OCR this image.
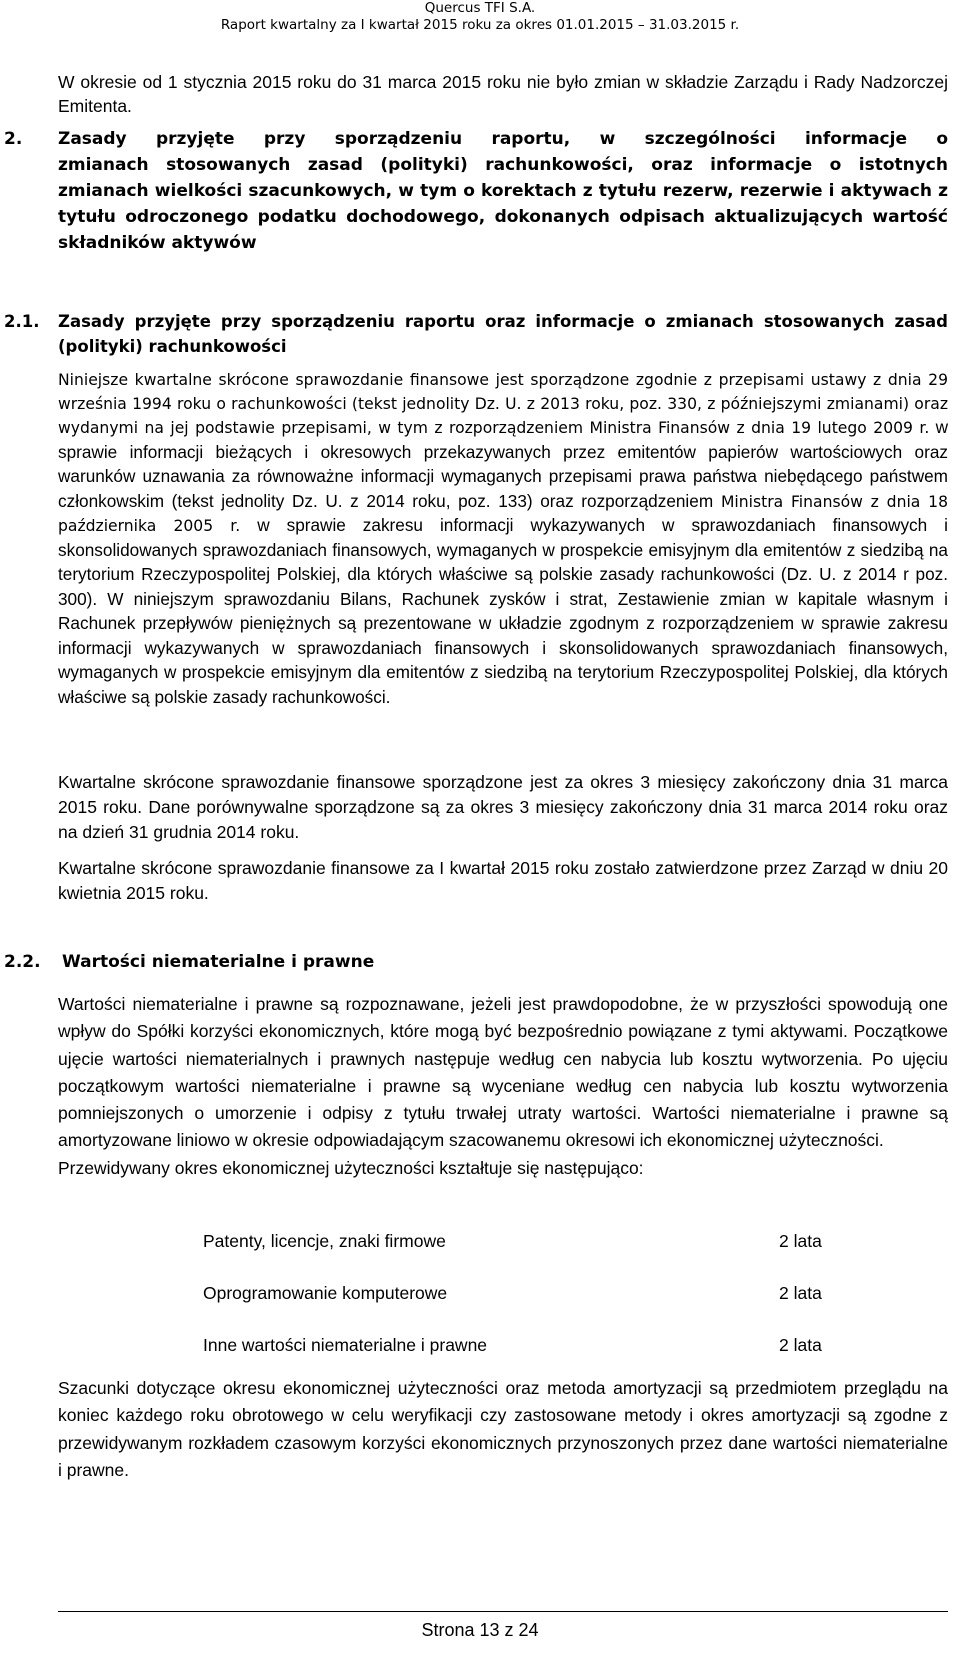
Quercus TFI S.A.
Raport kwartalny za I kwartał 2015 roku za okres 01.01.2015 – 31.03.2015 r.
W okresie od 1 stycznia 2015 roku do 31 marca 2015 roku nie było zmian w składzie Zarządu i Rady Nadzorczej Emitenta.
2. Zasady przyjęte przy sporządzeniu raportu, w szczególności informacje o
zmianach stosowanych zasad (polityki) rachunkowości, oraz informacje o istotnych zmianach wielkości szacunkowych, w tym o korektach z tytułu rezerw, rezerwie i aktywach z tytułu odroczonego podatku dochodowego, dokonanych odpisach aktualizujących wartość składników aktywów
2.1. Zasady przyjęte przy sporządzeniu raportu oraz informacje o zmianach stosowanych zasad (polityki) rachunkowości
Niniejsze kwartalne skrócone sprawozdanie finansowe jest sporządzone zgodnie z przepisami ustawy z dnia 29 września 1994 roku o rachunkowości (tekst jednolity Dz. U. z 2013 roku, poz. 330, z późniejszymi zmianami) oraz wydanymi na jej podstawie przepisami, w tym z rozporządzeniem Ministra Finansów z dnia 19 lutego 2009 r. w sprawie informacji bieżących i okresowych przekazywanych przez emitentów papierów wartościowych oraz warunków uznawania za równoważne informacji wymaganych przepisami prawa państwa niebędącego państwem członkowskim (tekst jednolity Dz. U. z 2014 roku, poz. 133) oraz rozporządzeniem Ministra Finansów z dnia 18 października 2005 r. w sprawie zakresu informacji wykazywanych w sprawozdaniach finansowych i skonsolidowanych sprawozdaniach finansowych, wymaganych w prospekcie emisyjnym dla emitentów z siedzibą na terytorium Rzeczypospolitej Polskiej, dla których właściwe są polskie zasady rachunkowości (Dz. U. z 2014 r poz. 300). W niniejszym sprawozdaniu Bilans, Rachunek zysków i strat, Zestawienie zmian w kapitale własnym i Rachunek przepływów pieniężnych są prezentowane w układzie zgodnym z rozporządzeniem w sprawie zakresu informacji wykazywanych w sprawozdaniach finansowych i skonsolidowanych sprawozdaniach finansowych, wymaganych w prospekcie emisyjnym dla emitentów z siedzibą na terytorium Rzeczypospolitej Polskiej, dla których właściwe są polskie zasady rachunkowości.
Kwartalne skrócone sprawozdanie finansowe sporządzone jest za okres 3 miesięcy zakończony dnia 31 marca 2015 roku. Dane porównywalne sporządzone są za okres 3 miesięcy zakończony dnia 31 marca 2014 roku oraz na dzień 31 grudnia 2014 roku.
Kwartalne skrócone sprawozdanie finansowe za I kwartał 2015 roku zostało zatwierdzone przez Zarząd w dniu 20 kwietnia 2015 roku.
2.2. Wartości niematerialne i prawne
Wartości niematerialne i prawne są rozpoznawane, jeżeli jest prawdopodobne, że w przyszłości spowodują one wpływ do Spółki korzyści ekonomicznych, które mogą być bezpośrednio powiązane z tymi aktywami. Początkowe ujęcie wartości niematerialnych i prawnych następuje według cen nabycia lub kosztu wytworzenia. Po ujęciu początkowym wartości niematerialne i prawne są wyceniane według cen nabycia lub kosztu wytworzenia pomniejszonych o umorzenie i odpisy z tytułu trwałej utraty wartości. Wartości niematerialne i prawne są amortyzowane liniowo w okresie odpowiadającym szacowanemu okresowi ich ekonomicznej użyteczności.
Przewidywany okres ekonomicznej użyteczności kształtuje się następująco:
Patenty, licencje, znaki firmowe	2 lata
Oprogramowanie komputerowe	2 lata
Inne wartości niematerialne i prawne	2 lata
Szacunki dotyczące okresu ekonomicznej użyteczności oraz metoda amortyzacji są przedmiotem przeglądu na koniec każdego roku obrotowego w celu weryfikacji czy zastosowane metody i okres amortyzacji są zgodne z przewidywanym rozkładem czasowym korzyści ekonomicznych przynoszonych przez dane wartości niematerialne i prawne.
Strona 13 z 24
